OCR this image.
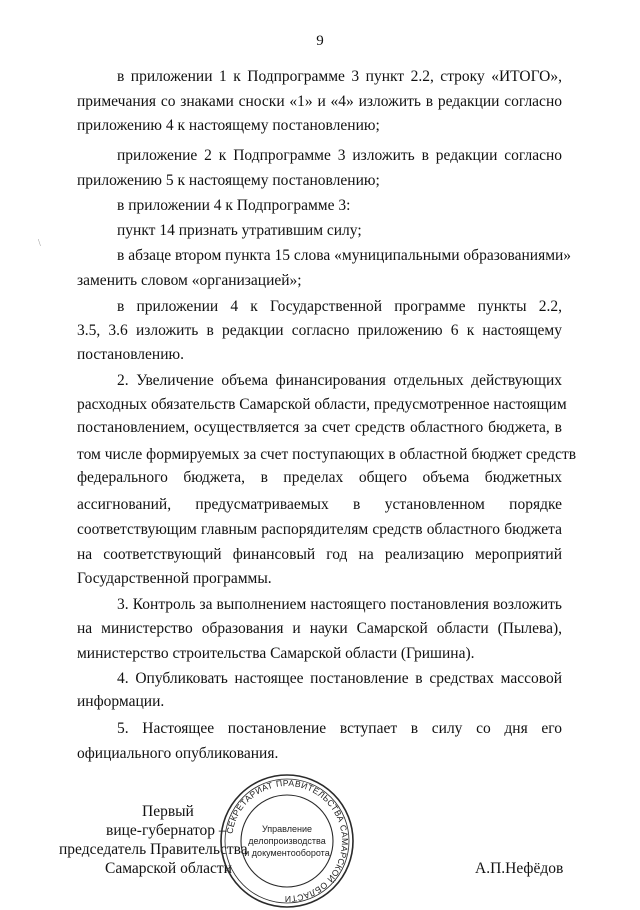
9
в приложении 1 к Подпрограмме 3 пункт 2.2, строку «ИТОГО»,
примечания со знаками сноски «1» и «4» изложить в редакции согласно
приложению 4 к настоящему постановлению;
приложение 2 к Подпрограмме 3 изложить в редакции согласно
приложению 5 к настоящему постановлению;
в приложении 4 к Подпрограмме 3:
пункт 14 признать утратившим силу;
в абзаце втором пункта 15 слова «муниципальными образованиями»
заменить словом «организацией»;
в приложении 4 к Государственной программе пункты 2.2,
3.5, 3.6 изложить в редакции согласно приложению 6 к настоящему
постановлению.
2. Увеличение объема финансирования отдельных действующих
расходных обязательств Самарской области, предусмотренное настоящим
постановлением, осуществляется за счет средств областного бюджета, в
том числе формируемых за счет поступающих в областной бюджет средств
федерального бюджета, в пределах общего объема бюджетных
ассигнований, предусматриваемых в установленном порядке
соответствующим главным распорядителям средств областного бюджета
на соответствующий финансовый год на реализацию мероприятий
Государственной программы.
3. Контроль за выполнением настоящего постановления возложить
на министерство образования и науки Самарской области (Пылева),
министерство строительства Самарской области (Гришина).
4. Опубликовать настоящее постановление в средствах массовой
информации.
5. Настоящее постановление вступает в силу со дня его
официального опубликования.
Первый
вице-губернатор –
председатель Правительства
Самарской области	А.П.Нефёдов
СЕКРЕТАРИАТ ПРАВИТЕЛЬСТВА САМАРСКОЙ ОБЛАСТИ
Управление
делопроизводства
и документооборота
\
